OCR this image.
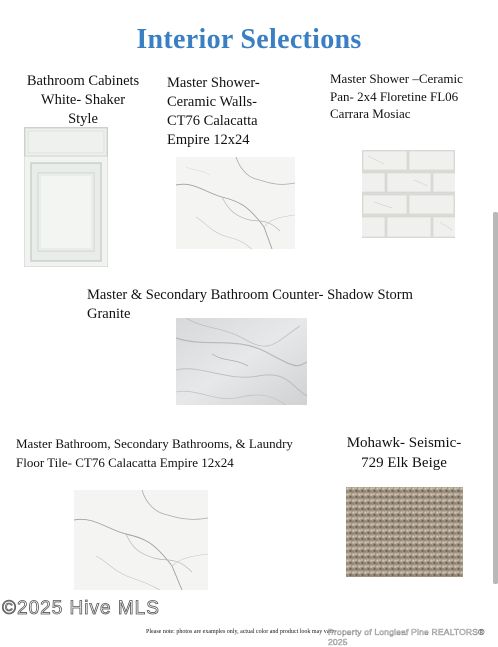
Interior Selections
Bathroom Cabinets
White- Shaker
Style
Master Shower-
Ceramic Walls-
CT76 Calacatta
Empire 12x24
Master Shower –Ceramic
Pan- 2x4 Floretine FL06
Carrara Mosiac
Master & Secondary Bathroom Counter- Shadow Storm
Granite
Master Bathroom, Secondary Bathrooms, & Laundry
Floor Tile- CT76 Calacatta Empire 12x24
Mohawk- Seismic-
729 Elk Beige
©2025 Hive MLS
Please note: photos are examples only, actual color and product look may vary
Property of Longleaf Pine REALTORS® 2025
